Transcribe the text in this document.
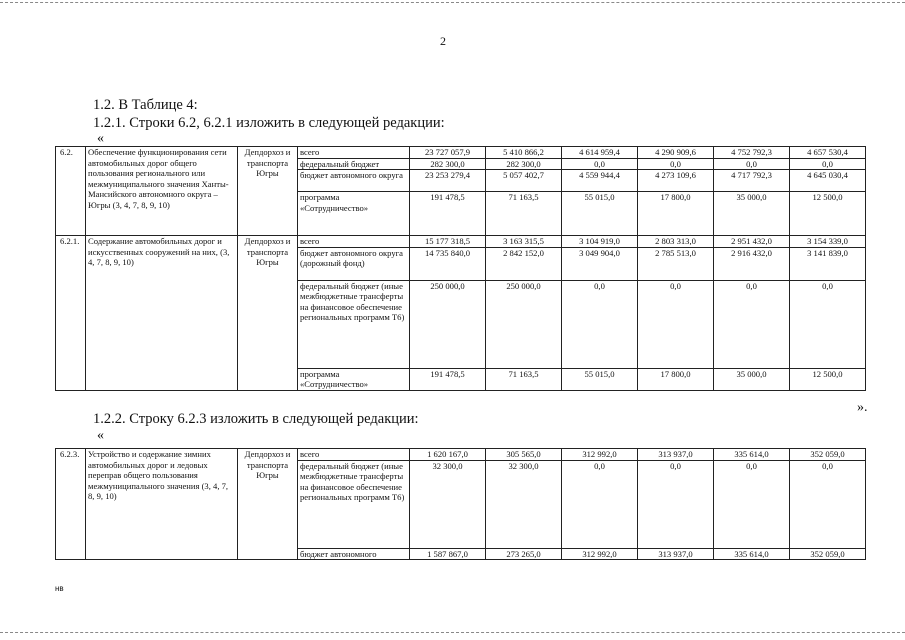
2
1.2. В Таблице 4:
1.2.1. Строки 6.2, 6.2.1 изложить в следующей редакции:
«
6.2.	Обеспечение функционирования сети автомобильных дорог общего пользования регионального или межмуниципального значения Ханты-Мансийского автономного округа – Югры (3, 4, 7, 8, 9, 10)	Депдорхоз и транспорта Югры	всего	23 727 057,9	5 410 866,2	4 614 959,4	4 290 909,6	4 752 792,3	4 657 530,4
			федеральный бюджет	282 300,0	282 300,0	0,0	0,0	0,0	0,0
			бюджет автономного округа	23 253 279,4	5 057 402,7	4 559 944,4	4 273 109,6	4 717 792,3	4 645 030,4
			программа «Сотрудничество»	191 478,5	71 163,5	55 015,0	17 800,0	35 000,0	12 500,0
6.2.1.	Содержание автомобильных дорог и искусственных сооружений на них, (3, 4, 7, 8, 9, 10)	Депдорхоз и транспорта Югры	всего	15 177 318,5	3 163 315,5	3 104 919,0	2 803 313,0	2 951 432,0	3 154 339,0
			бюджет автономного округа (дорожный фонд)	14 735 840,0	2 842 152,0	3 049 904,0	2 785 513,0	2 916 432,0	3 141 839,0
			федеральный бюджет (иные межбюджетные трансферты на финансовое обеспечение региональных программ Т6)	250 000,0	250 000,0	0,0	0,0	0,0	0,0
			программа «Сотрудничество»	191 478,5	71 163,5	55 015,0	17 800,0	35 000,0	12 500,0
».
1.2.2. Строку 6.2.3 изложить в следующей редакции:
«
6.2.3.	Устройство и содержание зимних автомобильных дорог и ледовых переправ общего пользования межмуниципального значения (3, 4, 7, 8, 9, 10)	Депдорхоз и транспорта Югры	всего	1 620 167,0	305 565,0	312 992,0	313 937,0	335 614,0	352 059,0
			федеральный бюджет (иные межбюджетные трансферты на финансовое обеспечение региональных программ Т6)	32 300,0	32 300,0	0,0	0,0	0,0	0,0
			бюджет автономного	1 587 867,0	273 265,0	312 992,0	313 937,0	335 614,0	352 059,0
нв
